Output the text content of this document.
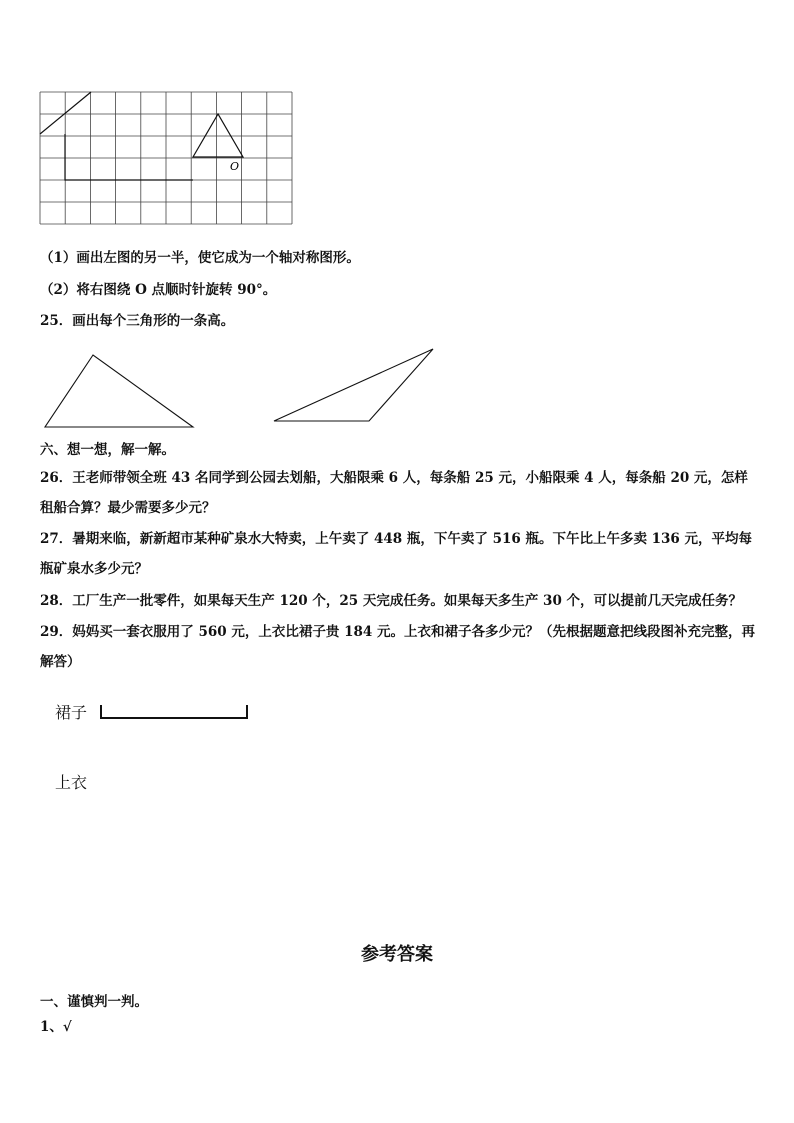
O
（1）画出左图的另一半，使它成为一个轴对称图形。
（2）将右图绕 O 点顺时针旋转 90°。
25．画出每个三角形的一条高。
六、想一想，解一解。
26．王老师带领全班 43 名同学到公园去划船，大船限乘 6 人，每条船 25 元，小船限乘 4 人，每条船 20 元，怎样租船合算？最少需要多少元？
27．暑期来临，新新超市某种矿泉水大特卖，上午卖了 448 瓶，下午卖了 516 瓶。下午比上午多卖 136 元，平均每瓶矿泉水多少元？
28．工厂生产一批零件，如果每天生产 120 个，25 天完成任务。如果每天多生产 30 个，可以提前几天完成任务？
29．妈妈买一套衣服用了 560 元，上衣比裙子贵 184 元。上衣和裙子各多少元？（先根据题意把线段图补充完整，再解答）
裙子
上衣
参考答案
一、谨慎判一判。
1、√
